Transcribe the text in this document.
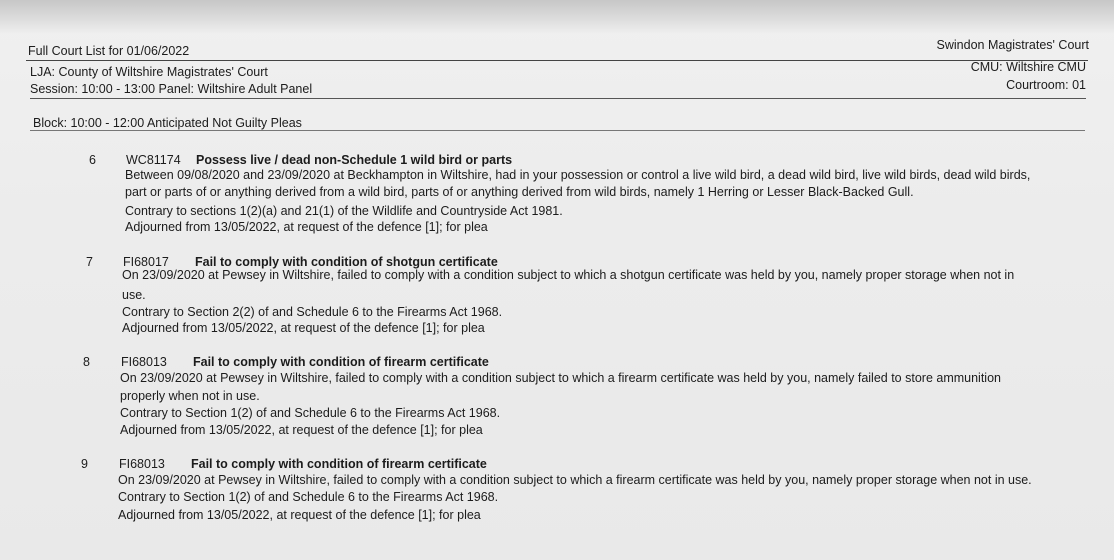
Full Court List for 01/06/2022	Swindon Magistrates' Court
LJA: County of Wiltshire Magistrates' Court	CMU: Wiltshire CMU
Session: 10:00 - 13:00 Panel: Wiltshire Adult Panel	Courtroom: 01
Block: 10:00 - 12:00 Anticipated Not Guilty Pleas
6 WC81174 Possess live / dead non-Schedule 1 wild bird or parts
Between 09/08/2020 and 23/09/2020 at Beckhampton in Wiltshire, had in your possession or control a live wild bird, a dead wild bird, live wild birds, dead wild birds,
part or parts of or anything derived from a wild bird, parts of or anything derived from wild birds, namely 1 Herring or Lesser Black-Backed Gull.
Contrary to sections 1(2)(a) and 21(1) of the Wildlife and Countryside Act 1981.
Adjourned from 13/05/2022, at request of the defence [1]; for plea
7 FI68017 Fail to comply with condition of shotgun certificate
On 23/09/2020 at Pewsey in Wiltshire, failed to comply with a condition subject to which a shotgun certificate was held by you, namely proper storage when not in
use.
Contrary to Section 2(2) of and Schedule 6 to the Firearms Act 1968.
Adjourned from 13/05/2022, at request of the defence [1]; for plea
8 FI68013 Fail to comply with condition of firearm certificate
On 23/09/2020 at Pewsey in Wiltshire, failed to comply with a condition subject to which a firearm certificate was held by you, namely failed to store ammunition
properly when not in use.
Contrary to Section 1(2) of and Schedule 6 to the Firearms Act 1968.
Adjourned from 13/05/2022, at request of the defence [1]; for plea
9 FI68013 Fail to comply with condition of firearm certificate
On 23/09/2020 at Pewsey in Wiltshire, failed to comply with a condition subject to which a firearm certificate was held by you, namely proper storage when not in use.
Contrary to Section 1(2) of and Schedule 6 to the Firearms Act 1968.
Adjourned from 13/05/2022, at request of the defence [1]; for plea
